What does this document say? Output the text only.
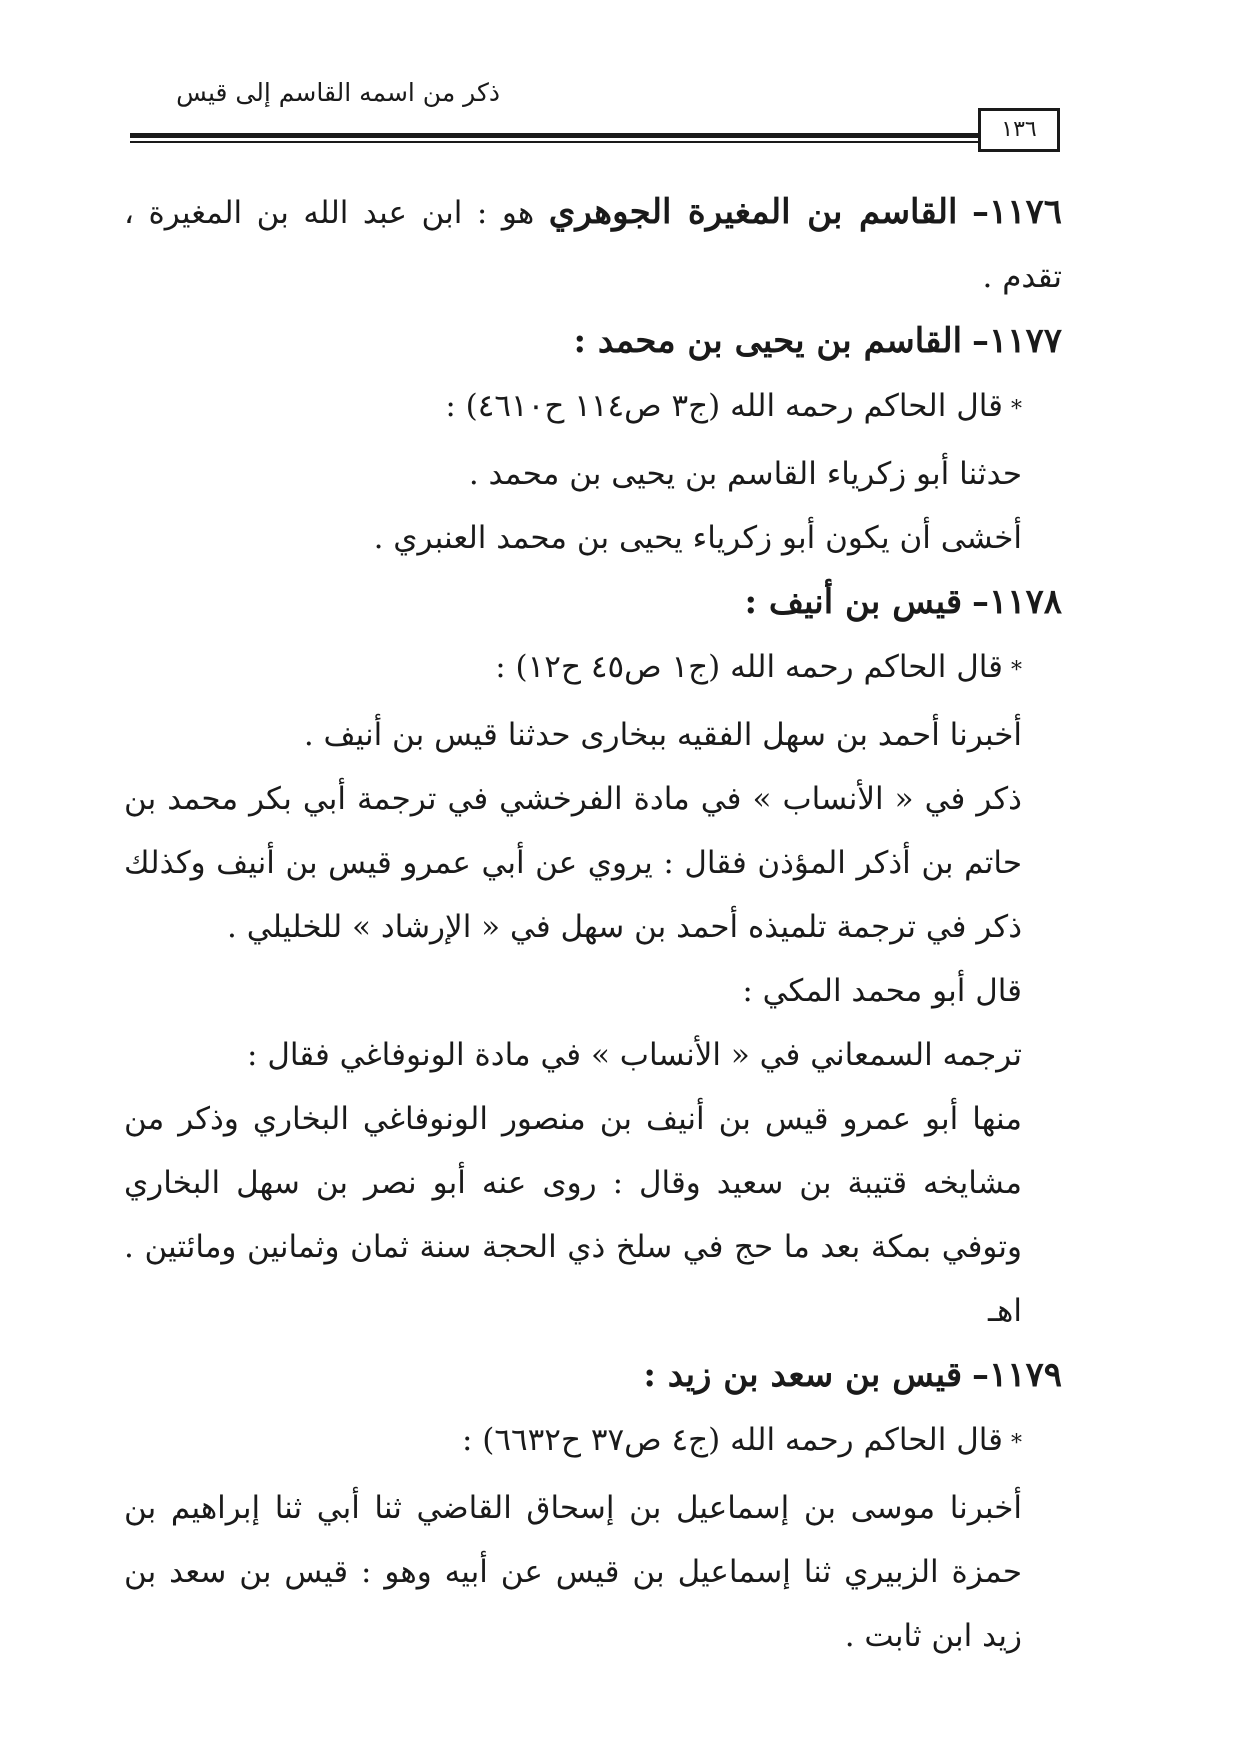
ذكر من اسمه القاسم إلى قيس
١٣٦

١١٧٦– القاسم بن المغيرة الجوهري هو : ابن عبد الله بن المغيرة ، تقدم .

١١٧٧– القاسم بن يحيى بن محمد :

*قال الحاكم رحمه الله (ج٣ ص١١٤ ح٤٦١٠) :

حدثنا أبو زكرياء القاسم بن يحيى بن محمد .

أخشى أن يكون أبو زكرياء يحيى بن محمد العنبري .

١١٧٨– قيس بن أنيف :

*قال الحاكم رحمه الله (ج١ ص٤٥ ح١٢) :

أخبرنا أحمد بن سهل الفقيه ببخارى حدثنا قيس بن أنيف .

ذكر في « الأنساب » في مادة الفرخشي في ترجمة أبي بكر محمد بن حاتم بن أذكر المؤذن فقال : يروي عن أبي عمرو قيس بن أنيف وكذلك ذكر في ترجمة تلميذه أحمد بن سهل في « الإرشاد » للخليلي .

قال أبو محمد المكي :

ترجمه السمعاني في « الأنساب » في مادة الونوفاغي فقال :

منها أبو عمرو قيس بن أنيف بن منصور الونوفاغي البخاري وذكر من مشايخه قتيبة بن سعيد وقال : روى عنه أبو نصر بن سهل البخاري وتوفي بمكة بعد ما حج في سلخ ذي الحجة سنة ثمان وثمانين ومائتين . اهـ

١١٧٩– قيس بن سعد بن زيد :

*قال الحاكم رحمه الله (ج٤ ص٣٧ ح٦٦٣٢) :

أخبرنا موسى بن إسماعيل بن إسحاق القاضي ثنا أبي ثنا إبراهيم بن حمزة الزبيري ثنا إسماعيل بن قيس عن أبيه وهو : قيس بن سعد بن زيد ابن ثابت .
